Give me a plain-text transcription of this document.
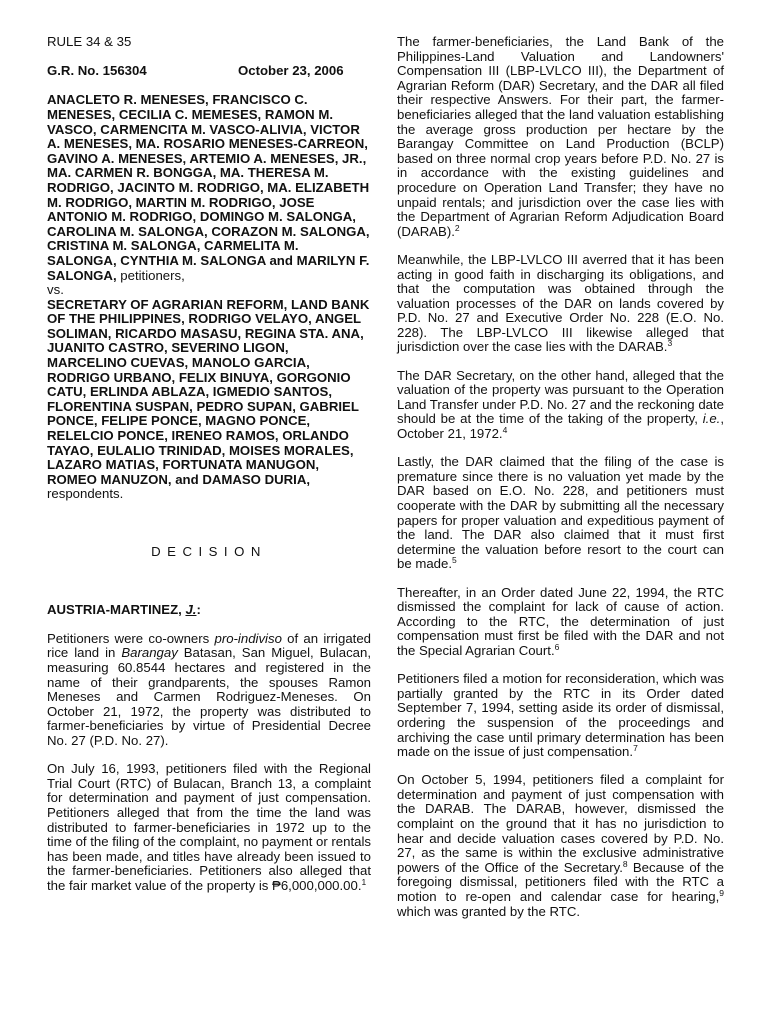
RULE 34 & 35

G.R. No. 156304	October 23, 2006

ANACLETO R. MENESES, FRANCISCO C. MENESES, CECILIA C. MEMESES, RAMON M. VASCO, CARMENCITA M. VASCO-ALIVIA, VICTOR A. MENESES, MA. ROSARIO MENESES-CARREON, GAVINO A. MENESES, ARTEMIO A. MENESES, JR., MA. CARMEN R. BONGGA, MA. THERESA M. RODRIGO, JACINTO M. RODRIGO, MA. ELIZABETH M. RODRIGO, MARTIN M. RODRIGO, JOSE ANTONIO M. RODRIGO, DOMINGO M. SALONGA, CAROLINA M. SALONGA, CORAZON M. SALONGA, CRISTINA M. SALONGA, CARMELITA M. SALONGA, CYNTHIA M. SALONGA and MARILYN F. SALONGA, petitioners,

vs.

SECRETARY OF AGRARIAN REFORM, LAND BANK OF THE PHILIPPINES, RODRIGO VELAYO, ANGEL SOLIMAN, RICARDO MASASU, REGINA STA. ANA, JUANITO CASTRO, SEVERINO LIGON, MARCELINO CUEVAS, MANOLO GARCIA, RODRIGO URBANO, FELIX BINUYA, GORGONIO CATU, ERLINDA ABLAZA, IGMEDIO SANTOS, FLORENTINA SUSPAN, PEDRO SUPAN, GABRIEL PONCE, FELIPE PONCE, MAGNO PONCE, RELELCIO PONCE, IRENEO RAMOS, ORLANDO TAYAO, EULALIO TRINIDAD, MOISES MORALES, LAZARO MATIAS, FORTUNATA MANUGON, ROMEO MANUZON, and DAMASO DURIA, respondents.

DECISION

AUSTRIA-MARTINEZ, J.:

Petitioners were co-owners pro-indiviso of an irrigated rice land in Barangay Batasan, San Miguel, Bulacan, measuring 60.8544 hectares and registered in the name of their grandparents, the spouses Ramon Meneses and Carmen Rodriguez-Meneses. On October 21, 1972, the property was distributed to farmer-beneficiaries by virtue of Presidential Decree No. 27 (P.D. No. 27).

On July 16, 1993, petitioners filed with the Regional Trial Court (RTC) of Bulacan, Branch 13, a complaint for determination and payment of just compensation. Petitioners alleged that from the time the land was distributed to farmer-beneficiaries in 1972 up to the time of the filing of the complaint, no payment or rentals has been made, and titles have already been issued to the farmer-beneficiaries. Petitioners also alleged that the fair market value of the property is ₱6,000,000.00.$^1$

The farmer-beneficiaries, the Land Bank of the Philippines-Land Valuation and Landowners' Compensation III (LBP-LVLCO III), the Department of Agrarian Reform (DAR) Secretary, and the DAR all filed their respective Answers. For their part, the farmer-beneficiaries alleged that the land valuation establishing the average gross production per hectare by the Barangay Committee on Land Production (BCLP) based on three normal crop years before P.D. No. 27 is in accordance with the existing guidelines and procedure on Operation Land Transfer; they have no unpaid rentals; and jurisdiction over the case lies with the Department of Agrarian Reform Adjudication Board (DARAB).$^2$

Meanwhile, the LBP-LVLCO III averred that it has been acting in good faith in discharging its obligations, and that the computation was obtained through the valuation processes of the DAR on lands covered by P.D. No. 27 and Executive Order No. 228 (E.O. No. 228). The LBP-LVLCO III likewise alleged that jurisdiction over the case lies with the DARAB.$^3$

The DAR Secretary, on the other hand, alleged that the valuation of the property was pursuant to the Operation Land Transfer under P.D. No. 27 and the reckoning date should be at the time of the taking of the property, i.e., October 21, 1972.$^4$

Lastly, the DAR claimed that the filing of the case is premature since there is no valuation yet made by the DAR based on E.O. No. 228, and petitioners must cooperate with the DAR by submitting all the necessary papers for proper valuation and expeditious payment of the land. The DAR also claimed that it must first determine the valuation before resort to the court can be made.$^5$

Thereafter, in an Order dated June 22, 1994, the RTC dismissed the complaint for lack of cause of action. According to the RTC, the determination of just compensation must first be filed with the DAR and not the Special Agrarian Court.$^6$

Petitioners filed a motion for reconsideration, which was partially granted by the RTC in its Order dated September 7, 1994, setting aside its order of dismissal, ordering the suspension of the proceedings and archiving the case until primary determination has been made on the issue of just compensation.$^7$

On October 5, 1994, petitioners filed a complaint for determination and payment of just compensation with the DARAB. The DARAB, however, dismissed the complaint on the ground that it has no jurisdiction to hear and decide valuation cases covered by P.D. No. 27, as the same is within the exclusive administrative powers of the Office of the Secretary.$^8$ Because of the foregoing dismissal, petitioners filed with the RTC a motion to re-open and calendar case for hearing,$^9$ which was granted by the RTC.
